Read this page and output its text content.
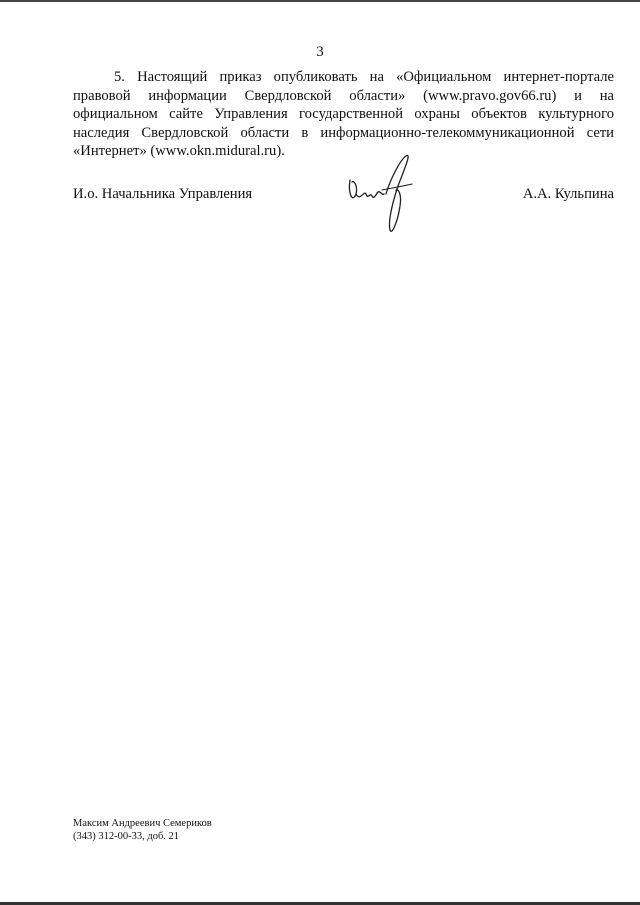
3

5. Настоящий приказ опубликовать на «Официальном интернет-портале правовой информации Свердловской области» (www.pravo.gov66.ru) и на официальном сайте Управления государственной охраны объектов культурного наследия Свердловской области в информационно-телекоммуникационной сети «Интернет» (www.okn.midural.ru).

И.о. Начальника Управления	А.А. Кульпина
Максим Андреевич Семериков
(343) 312-00-33, доб. 21
